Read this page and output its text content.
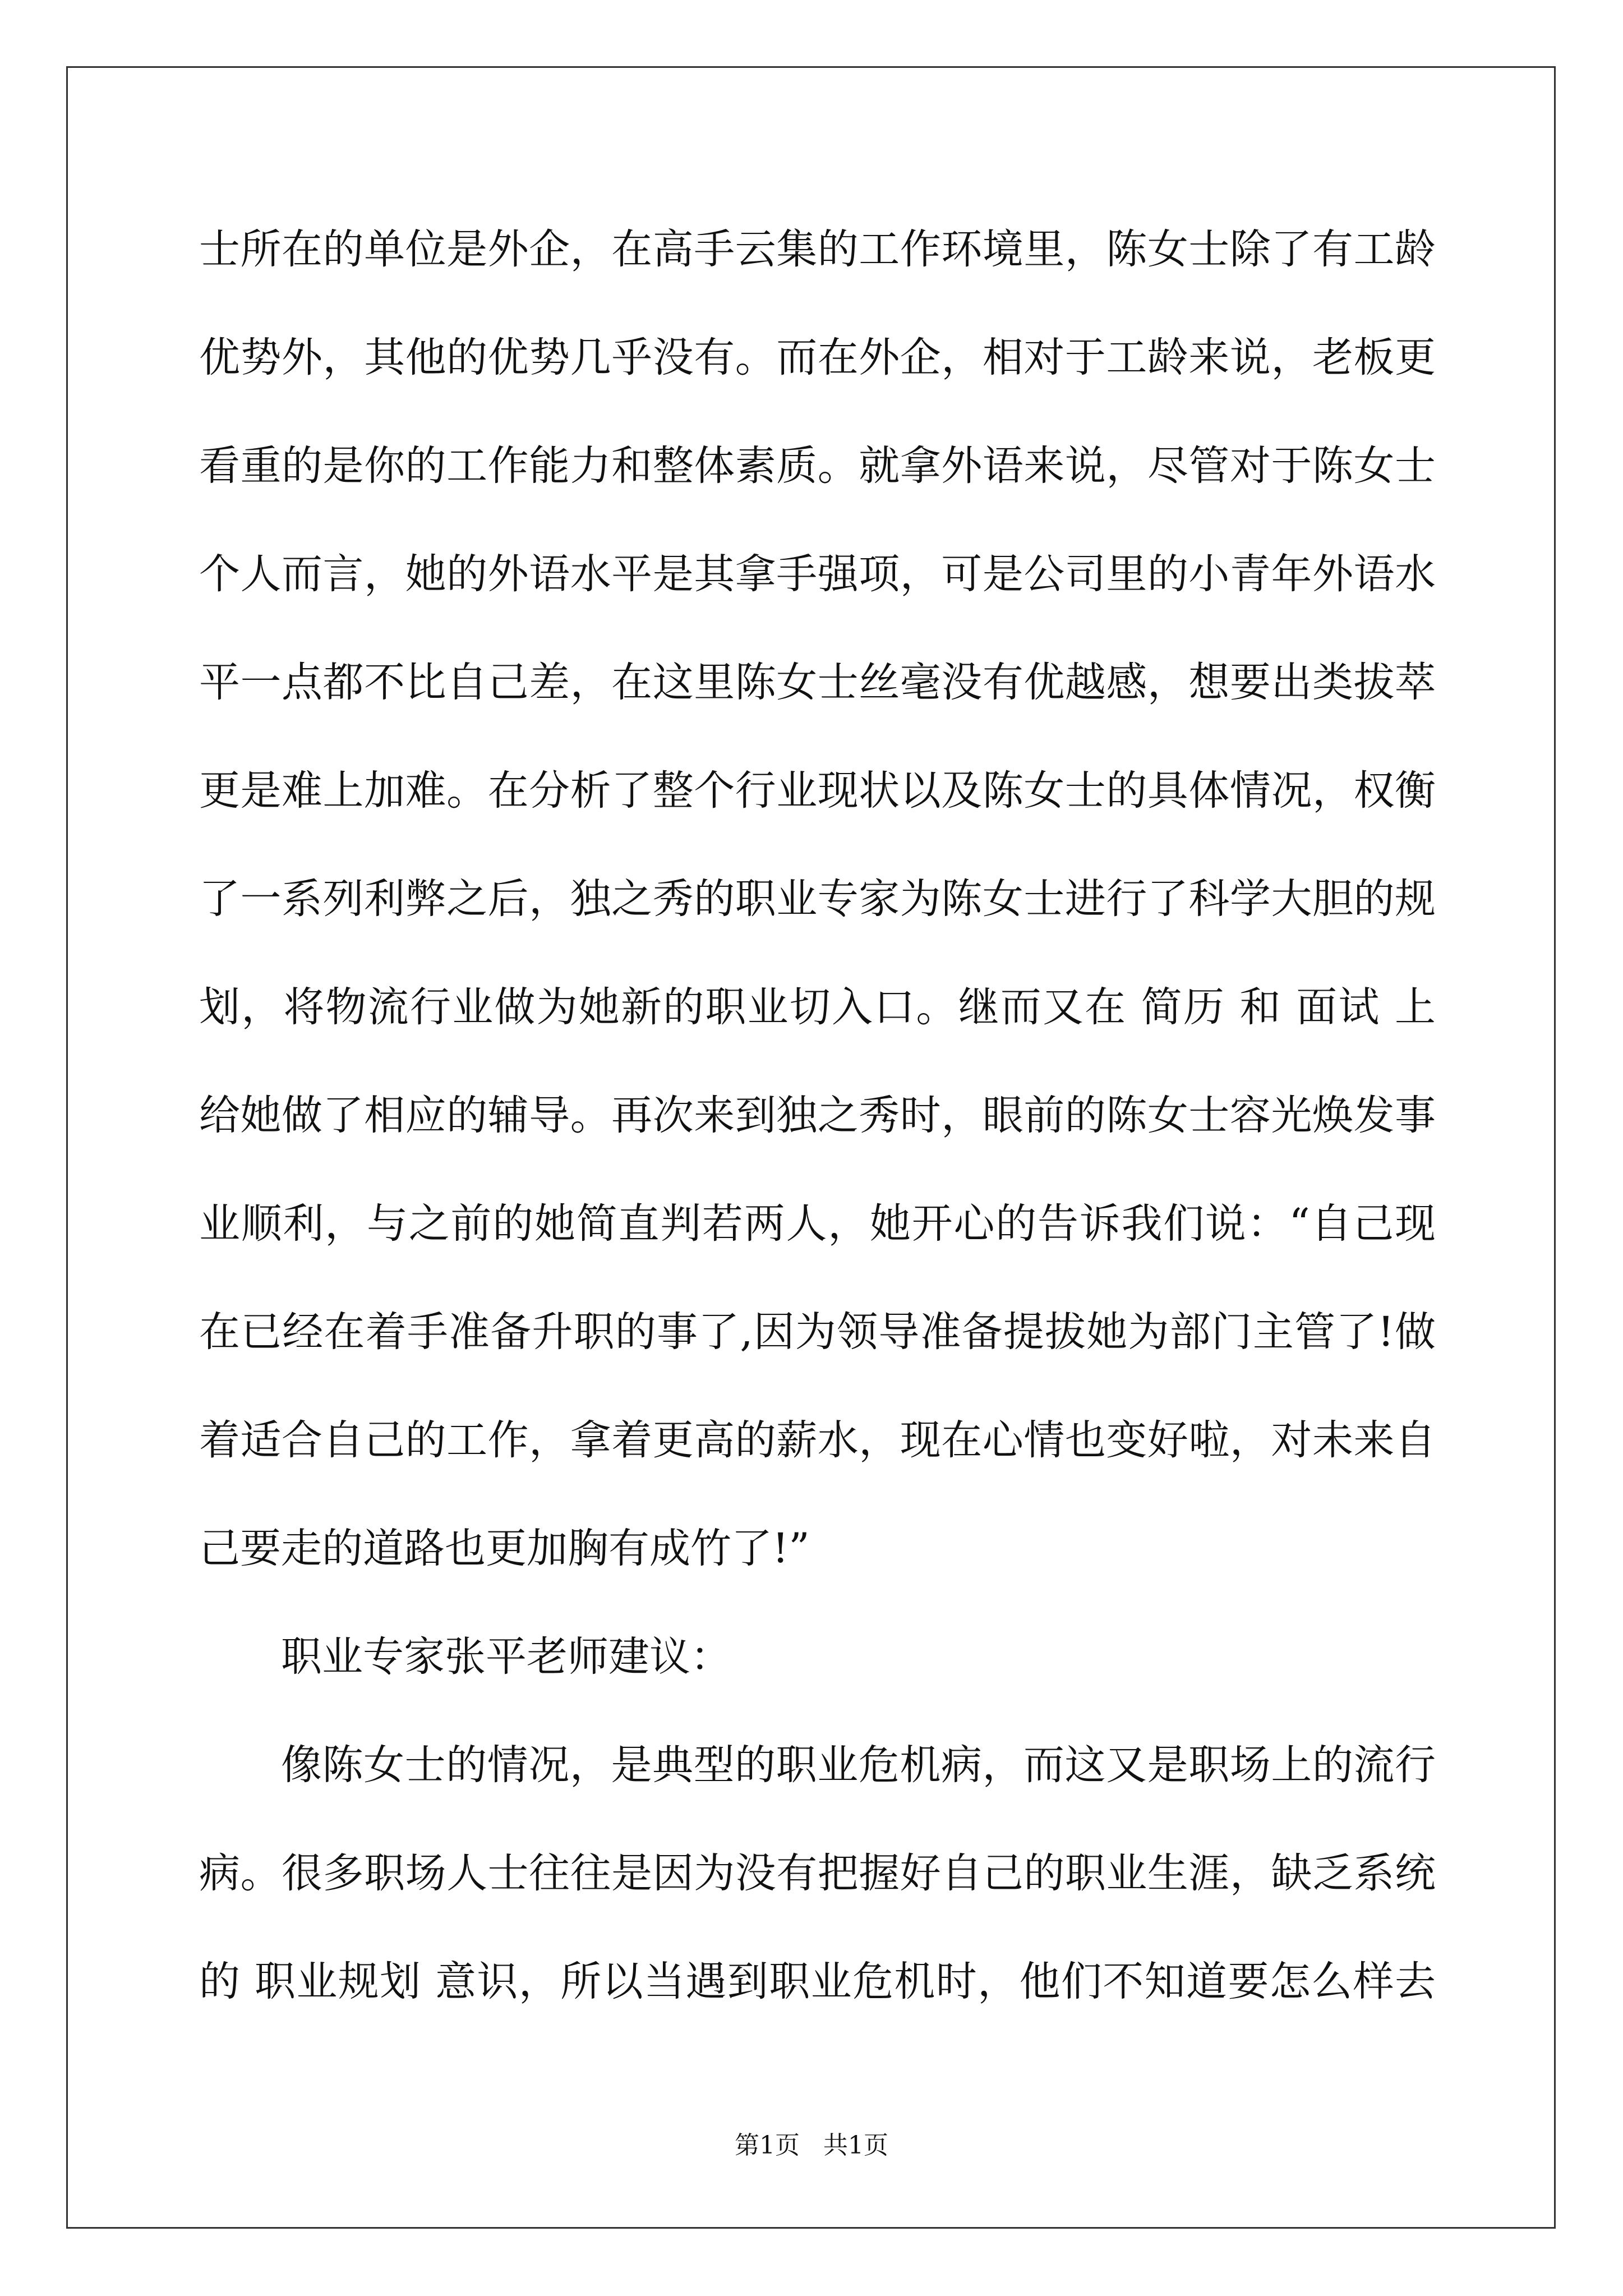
士所在的单位是外企，在高手云集的工作环境里，陈女士除了有工龄
优势外，其他的优势几乎没有。而在外企，相对于工龄来说，老板更
看重的是你的工作能力和整体素质。就拿外语来说，尽管对于陈女士
个人而言，她的外语水平是其拿手强项，可是公司里的小青年外语水
平一点都不比自己差，在这里陈女士丝毫没有优越感，想要出类拔萃
更是难上加难。在分析了整个行业现状以及陈女士的具体情况，权衡
了一系列利弊之后，独之秀的职业专家为陈女士进行了科学大胆的规
划，将物流行业做为她新的职业切入口。继而又在 简历 和 面试 上
给她做了相应的辅导。再次来到独之秀时，眼前的陈女士容光焕发事
业顺利，与之前的她简直判若两人，她开心的告诉我们说：“自己现
在已经在着手准备升职的事了,因为领导准备提拔她为部门主管了!做
着适合自己的工作，拿着更高的薪水，现在心情也变好啦，对未来自
己要走的道路也更加胸有成竹了!”
职业专家张平老师建议：
像陈女士的情况，是典型的职业危机病，而这又是职场上的流行
病。很多职场人士往往是因为没有把握好自己的职业生涯，缺乏系统
的 职业规划 意识，所以当遇到职业危机时，他们不知道要怎么样去
第1页   共1页
